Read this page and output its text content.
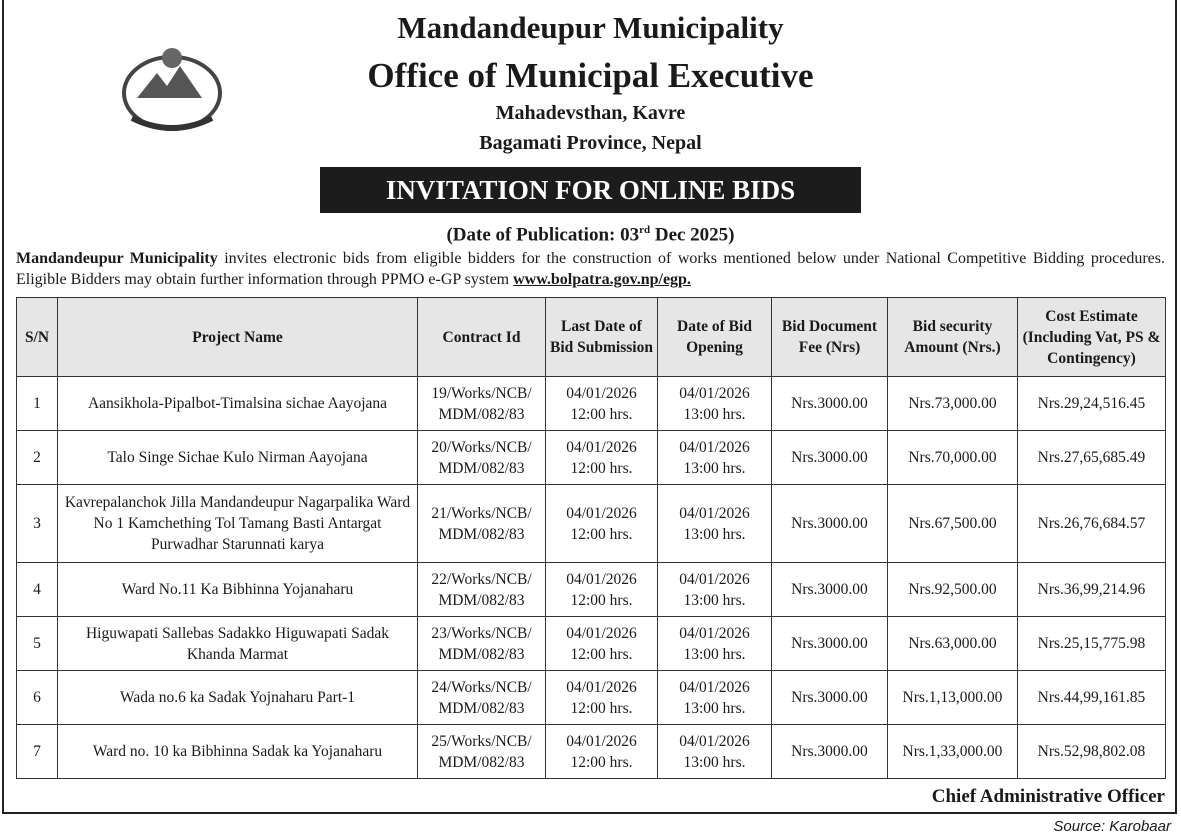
Mandandeupur Municipality
Office of Municipal Executive
Mahadevsthan, Kavre
Bagamati Province, Nepal
INVITATION FOR ONLINE BIDS
(Date of Publication: 03rd Dec 2025)
Mandandeupur Municipality invites electronic bids from eligible bidders for the construction of works mentioned below under National Competitive Bidding procedures. Eligible Bidders may obtain further information through PPMO e-GP system www.bolpatra.gov.np/egp.
S/N	Project Name	Contract Id	Last Date of Bid Submission	Date of Bid Opening	Bid Document Fee (Nrs)	Bid security Amount (Nrs.)	Cost Estimate (Including Vat, PS & Contingency)
1	Aansikhola-Pipalbot-Timalsina sichae Aayojana	19/Works/NCB/ MDM/082/83	04/01/2026 12:00 hrs.	04/01/2026 13:00 hrs.	Nrs.3000.00	Nrs.73,000.00	Nrs.29,24,516.45
2	Talo Singe Sichae Kulo Nirman Aayojana	20/Works/NCB/ MDM/082/83	04/01/2026 12:00 hrs.	04/01/2026 13:00 hrs.	Nrs.3000.00	Nrs.70,000.00	Nrs.27,65,685.49
3	Kavrepalanchok Jilla Mandandeupur Nagarpalika Ward No 1 Kamchething Tol Tamang Basti Antargat Purwadhar Starunnati karya	21/Works/NCB/ MDM/082/83	04/01/2026 12:00 hrs.	04/01/2026 13:00 hrs.	Nrs.3000.00	Nrs.67,500.00	Nrs.26,76,684.57
4	Ward No.11 Ka Bibhinna Yojanaharu	22/Works/NCB/ MDM/082/83	04/01/2026 12:00 hrs.	04/01/2026 13:00 hrs.	Nrs.3000.00	Nrs.92,500.00	Nrs.36,99,214.96
5	Higuwapati Sallebas Sadakko Higuwapati Sadak Khanda Marmat	23/Works/NCB/ MDM/082/83	04/01/2026 12:00 hrs.	04/01/2026 13:00 hrs.	Nrs.3000.00	Nrs.63,000.00	Nrs.25,15,775.98
6	Wada no.6 ka Sadak Yojnaharu Part-1	24/Works/NCB/ MDM/082/83	04/01/2026 12:00 hrs.	04/01/2026 13:00 hrs.	Nrs.3000.00	Nrs.1,13,000.00	Nrs.44,99,161.85
7	Ward no. 10 ka Bibhinna Sadak ka Yojanaharu	25/Works/NCB/ MDM/082/83	04/01/2026 12:00 hrs.	04/01/2026 13:00 hrs.	Nrs.3000.00	Nrs.1,33,000.00	Nrs.52,98,802.08
Chief Administrative Officer
Source: Karobaar
